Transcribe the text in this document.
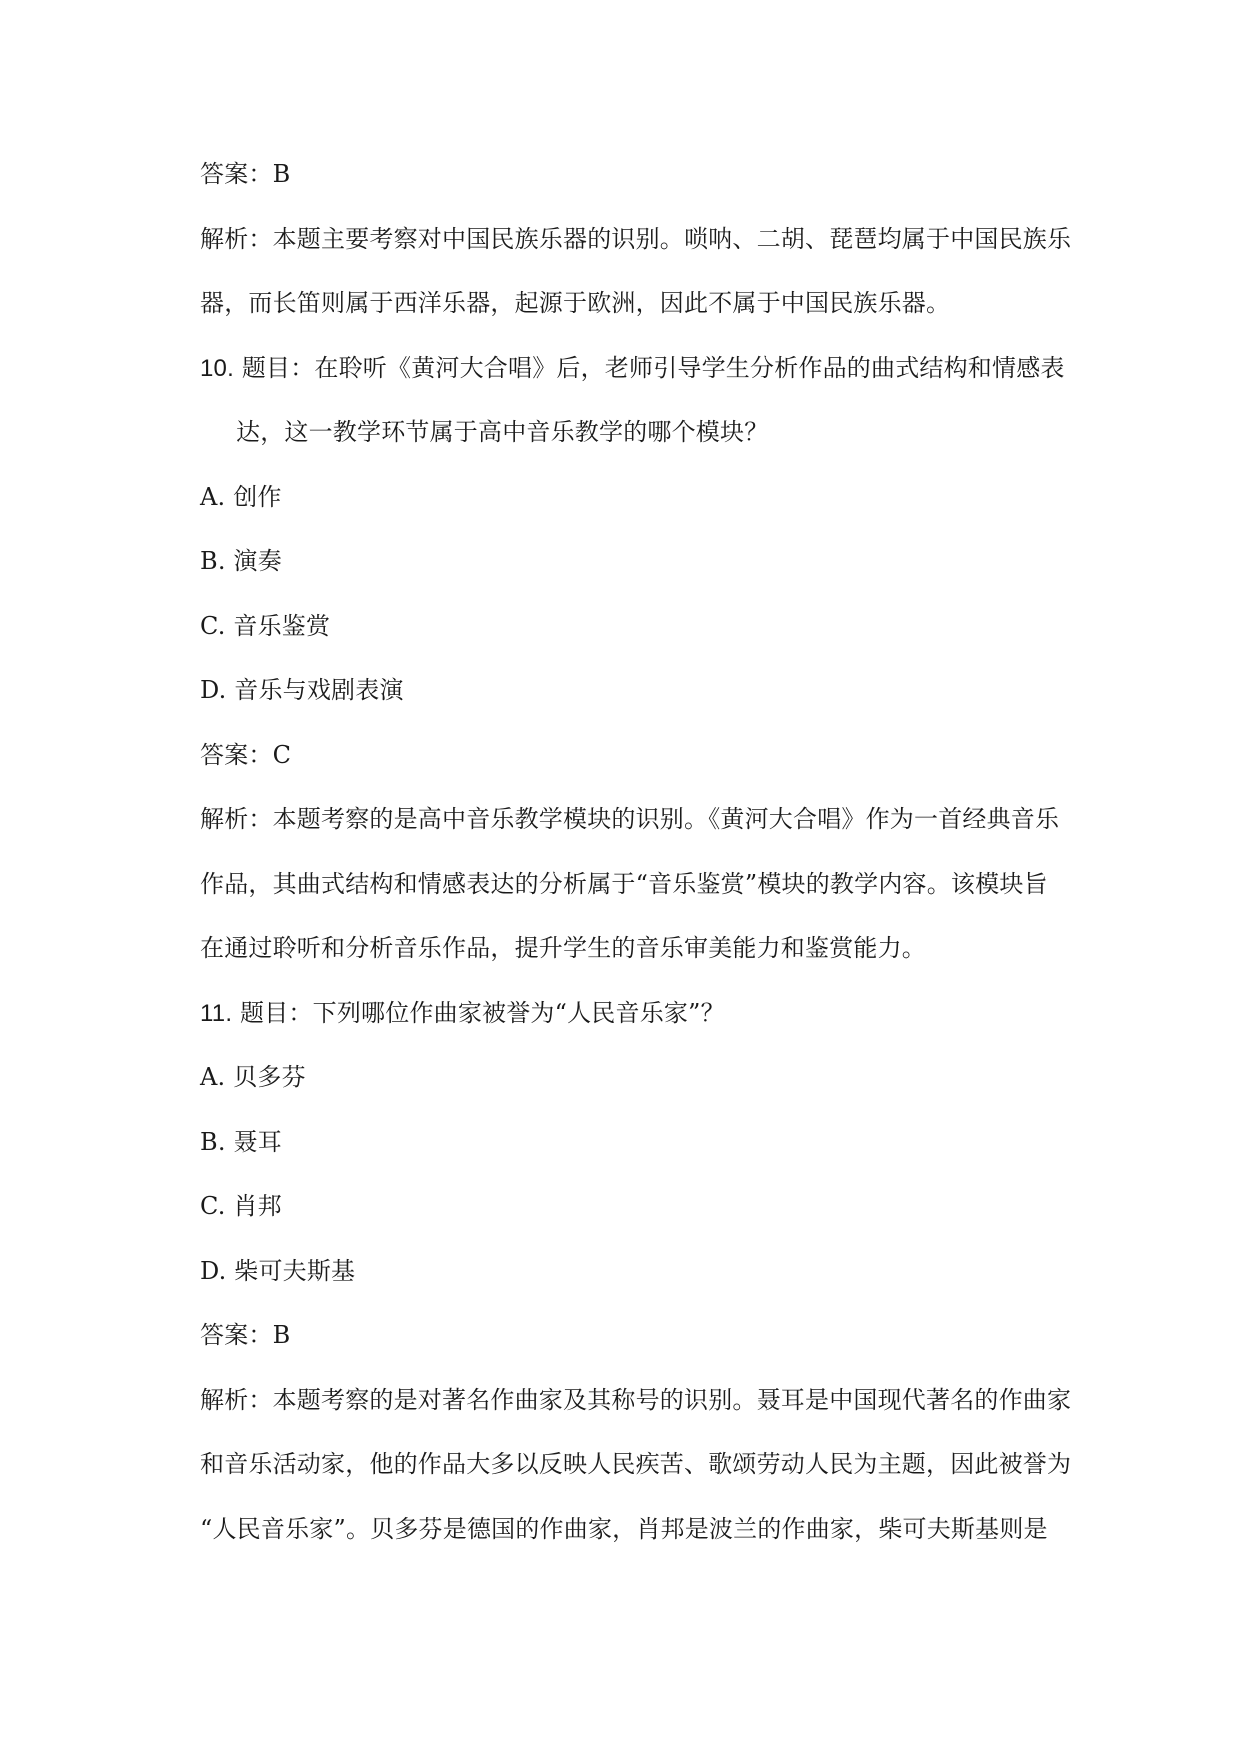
答案：B
解析：本题主要考察对中国民族乐器的识别。唢呐、二胡、琵琶均属于中国民族乐
器，而长笛则属于西洋乐器，起源于欧洲，因此不属于中国民族乐器。
10. 题目：在聆听《黄河大合唱》后，老师引导学生分析作品的曲式结构和情感表
达，这一教学环节属于高中音乐教学的哪个模块？
A. 创作
B. 演奏
C. 音乐鉴赏
D. 音乐与戏剧表演
答案：C
解析：本题考察的是高中音乐教学模块的识别。《黄河大合唱》作为一首经典音乐
作品，其曲式结构和情感表达的分析属于“音乐鉴赏”模块的教学内容。该模块旨
在通过聆听和分析音乐作品，提升学生的音乐审美能力和鉴赏能力。
11. 题目：下列哪位作曲家被誉为“人民音乐家”？
A. 贝多芬
B. 聂耳
C. 肖邦
D. 柴可夫斯基
答案：B
解析：本题考察的是对著名作曲家及其称号的识别。聂耳是中国现代著名的作曲家
和音乐活动家，他的作品大多以反映人民疾苦、歌颂劳动人民为主题，因此被誉为
“人民音乐家”。贝多芬是德国的作曲家，肖邦是波兰的作曲家，柴可夫斯基则是
